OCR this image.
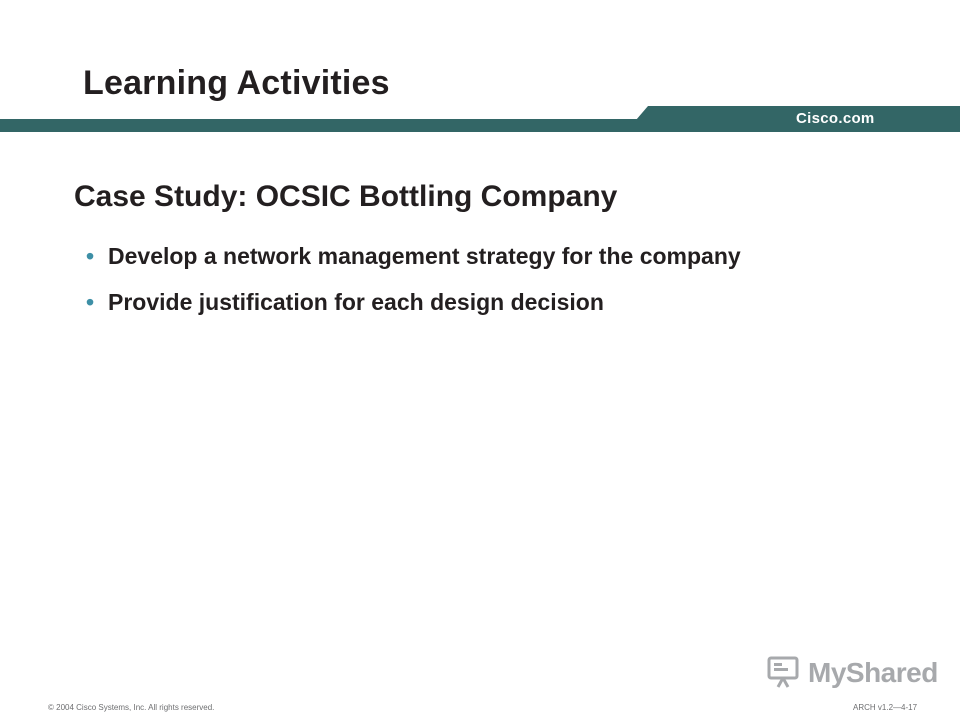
Learning Activities
Cisco.com
Case Study: OCSIC Bottling Company
• Develop a network management strategy for the company
• Provide justification for each design decision
© 2004 Cisco Systems, Inc. All rights reserved.	ARCH v1.2—4-17
MyShared
